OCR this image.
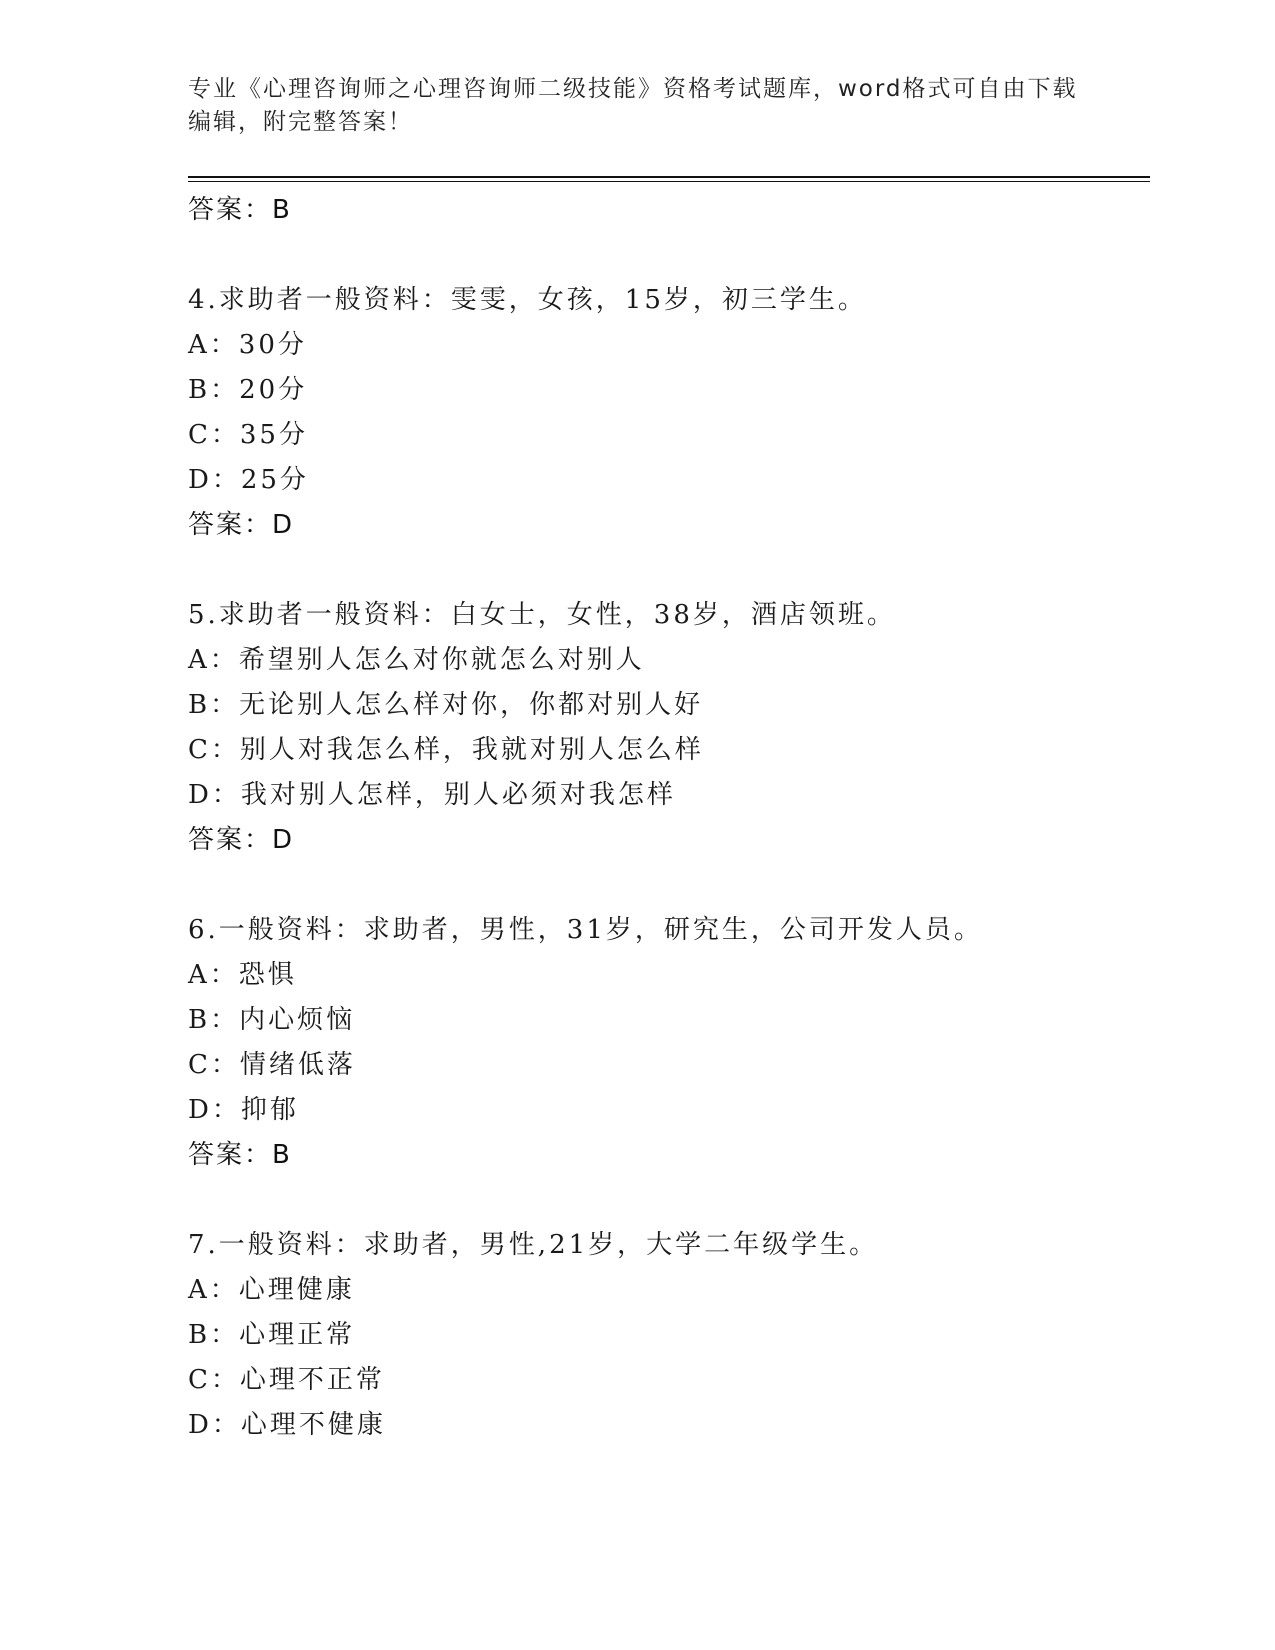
专业《心理咨询师之心理咨询师二级技能》资格考试题库，word格式可自由下载
编辑，附完整答案！
答案：B
4.求助者一般资料：雯雯，女孩，15岁，初三学生。
A：30分
B：20分
C：35分
D：25分
答案：D
5.求助者一般资料：白女士，女性，38岁，酒店领班。
A：希望别人怎么对你就怎么对别人
B：无论别人怎么样对你，你都对别人好
C：别人对我怎么样，我就对别人怎么样
D：我对别人怎样，别人必须对我怎样
答案：D
6.一般资料：求助者，男性，31岁，研究生，公司开发人员。
A：恐惧
B：内心烦恼
C：情绪低落
D：抑郁
答案：B
7.一般资料：求助者，男性,21岁，大学二年级学生。
A：心理健康
B：心理正常
C：心理不正常
D：心理不健康
